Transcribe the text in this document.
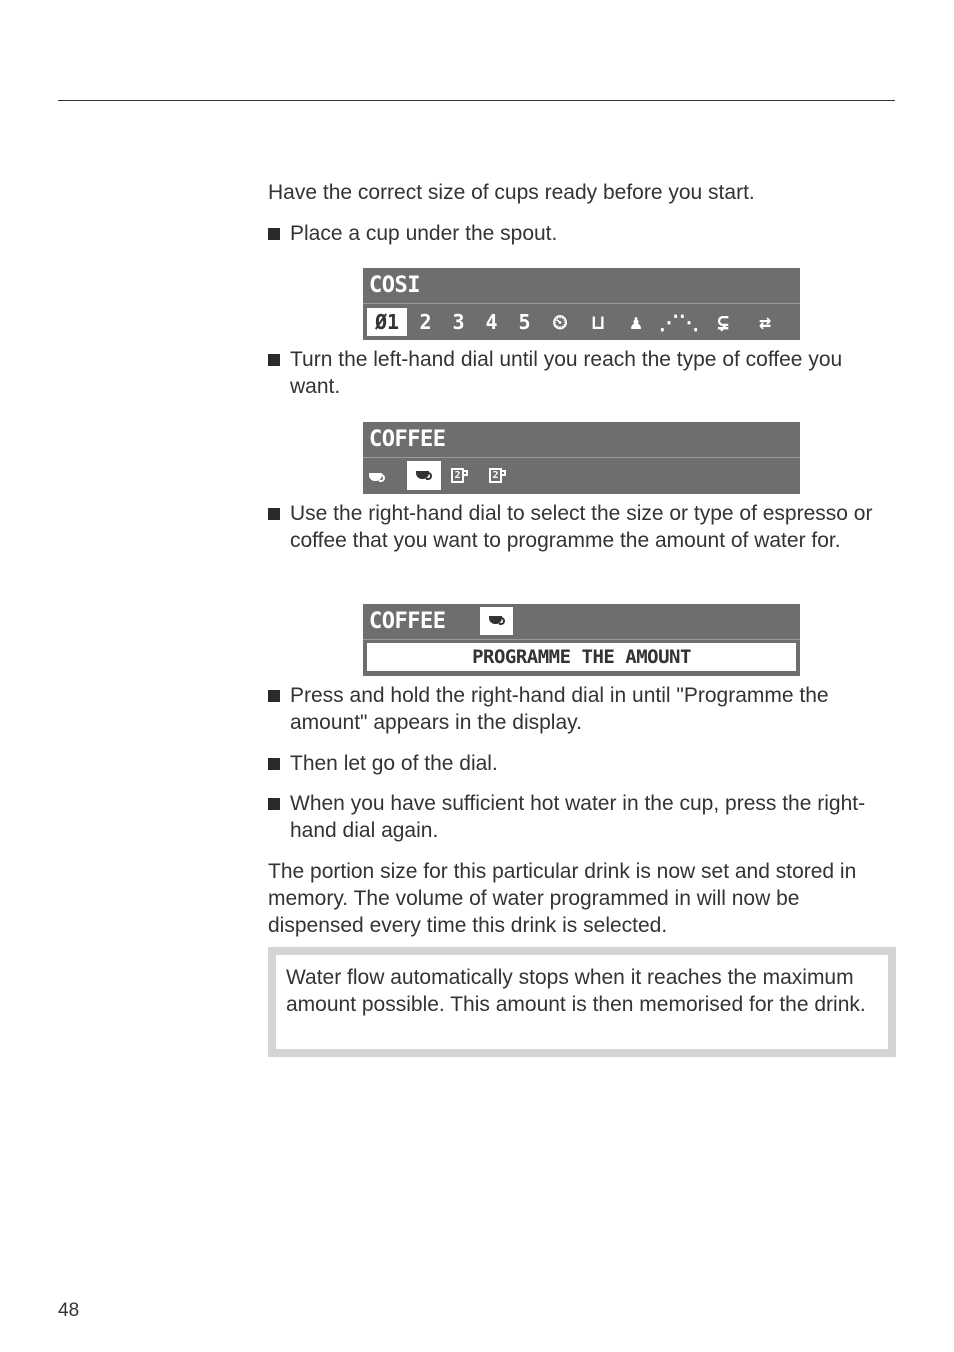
Have the correct size of cups ready before you start.
Place a cup under the spout.
COSI
Ø1	2	3	4	5	⏲	⊔	♟ ⋰⋱ ⊊	⇄
Turn the left-hand dial until you reach the type of coffee you want.
COFFEE
2	2
Use the right-hand dial to select the size or type of espresso or coffee that you want to programme the amount of water for.
COFFEE
PROGRAMME THE AMOUNT
Press and hold the right-hand dial in until "Programme the amount" appears in the display.
Then let go of the dial.
When you have sufficient hot water in the cup, press the right-hand dial again.
The portion size for this particular drink is now set and stored in memory. The volume of water programmed in will now be dispensed every time this drink is selected.
Water flow automatically stops when it reaches the maximum amount possible. This amount is then memorised for the drink.
48
